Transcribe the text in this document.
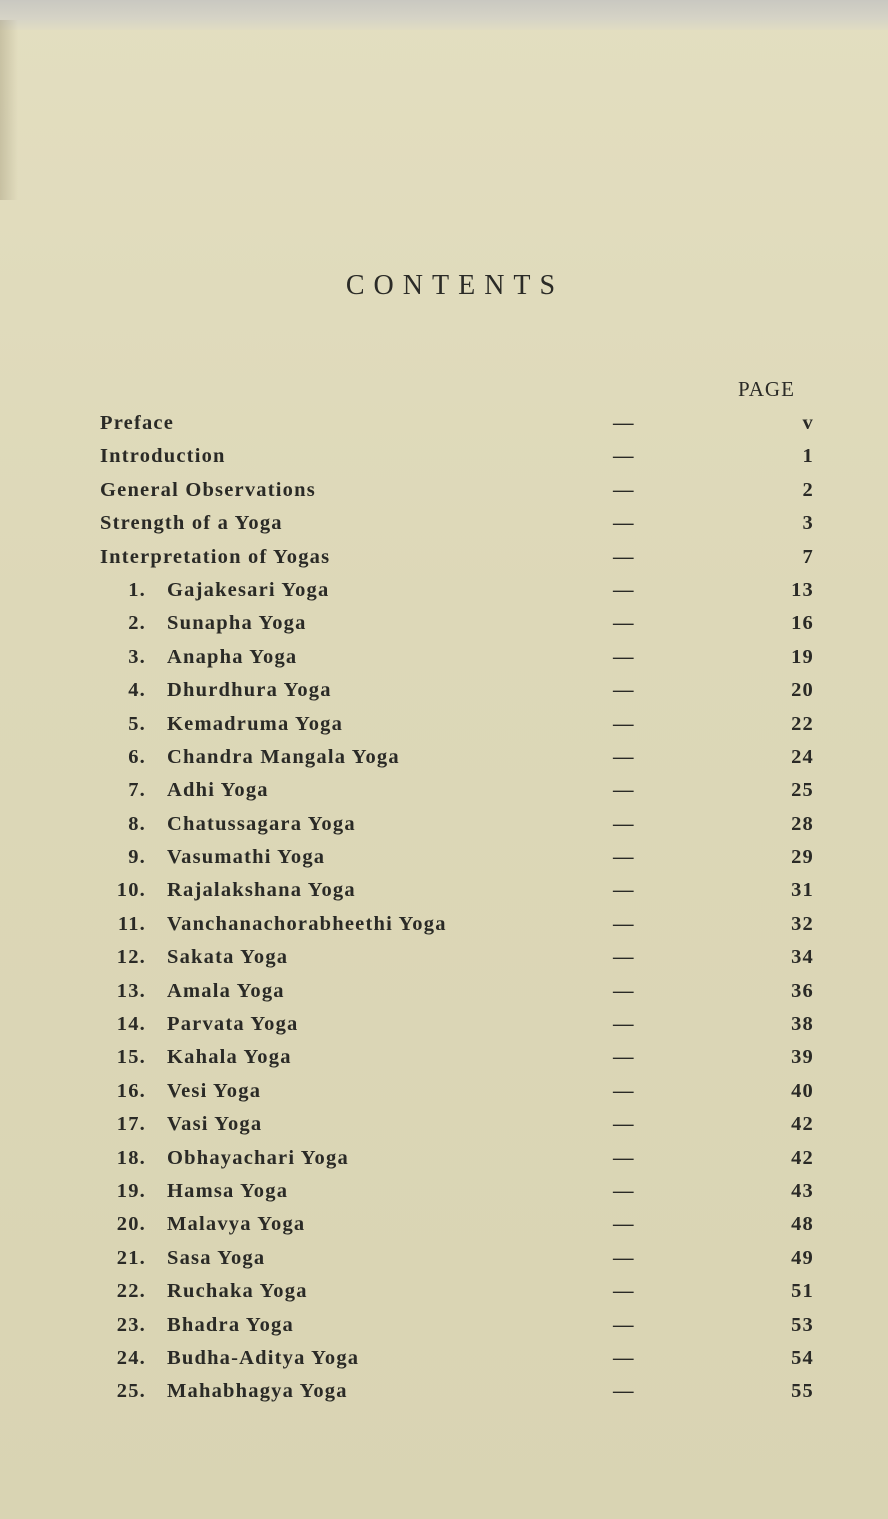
CONTENTS
PAGE
Preface	—	v
Introduction	—	1
General Observations	—	2
Strength of a Yoga	—	3
Interpretation of Yogas	—	7
1. Gajakesari Yoga	—	13
2. Sunapha Yoga	—	16
3. Anapha Yoga	—	19
4. Dhurdhura Yoga	—	20
5. Kemadruma Yoga	—	22
6. Chandra Mangala Yoga	—	24
7. Adhi Yoga	—	25
8. Chatussagara Yoga	—	28
9. Vasumathi Yoga	—	29
10. Rajalakshana Yoga	—	31
11. Vanchanachorabheethi Yoga	—	32
12. Sakata Yoga	—	34
13. Amala Yoga	—	36
14. Parvata Yoga	—	38
15. Kahala Yoga	—	39
16. Vesi Yoga	—	40
17. Vasi Yoga	—	42
18. Obhayachari Yoga	—	42
19. Hamsa Yoga	—	43
20. Malavya Yoga	—	48
21. Sasa Yoga	—	49
22. Ruchaka Yoga	—	51
23. Bhadra Yoga	—	53
24. Budha-Aditya Yoga	—	54
25. Mahabhagya Yoga	—	55
